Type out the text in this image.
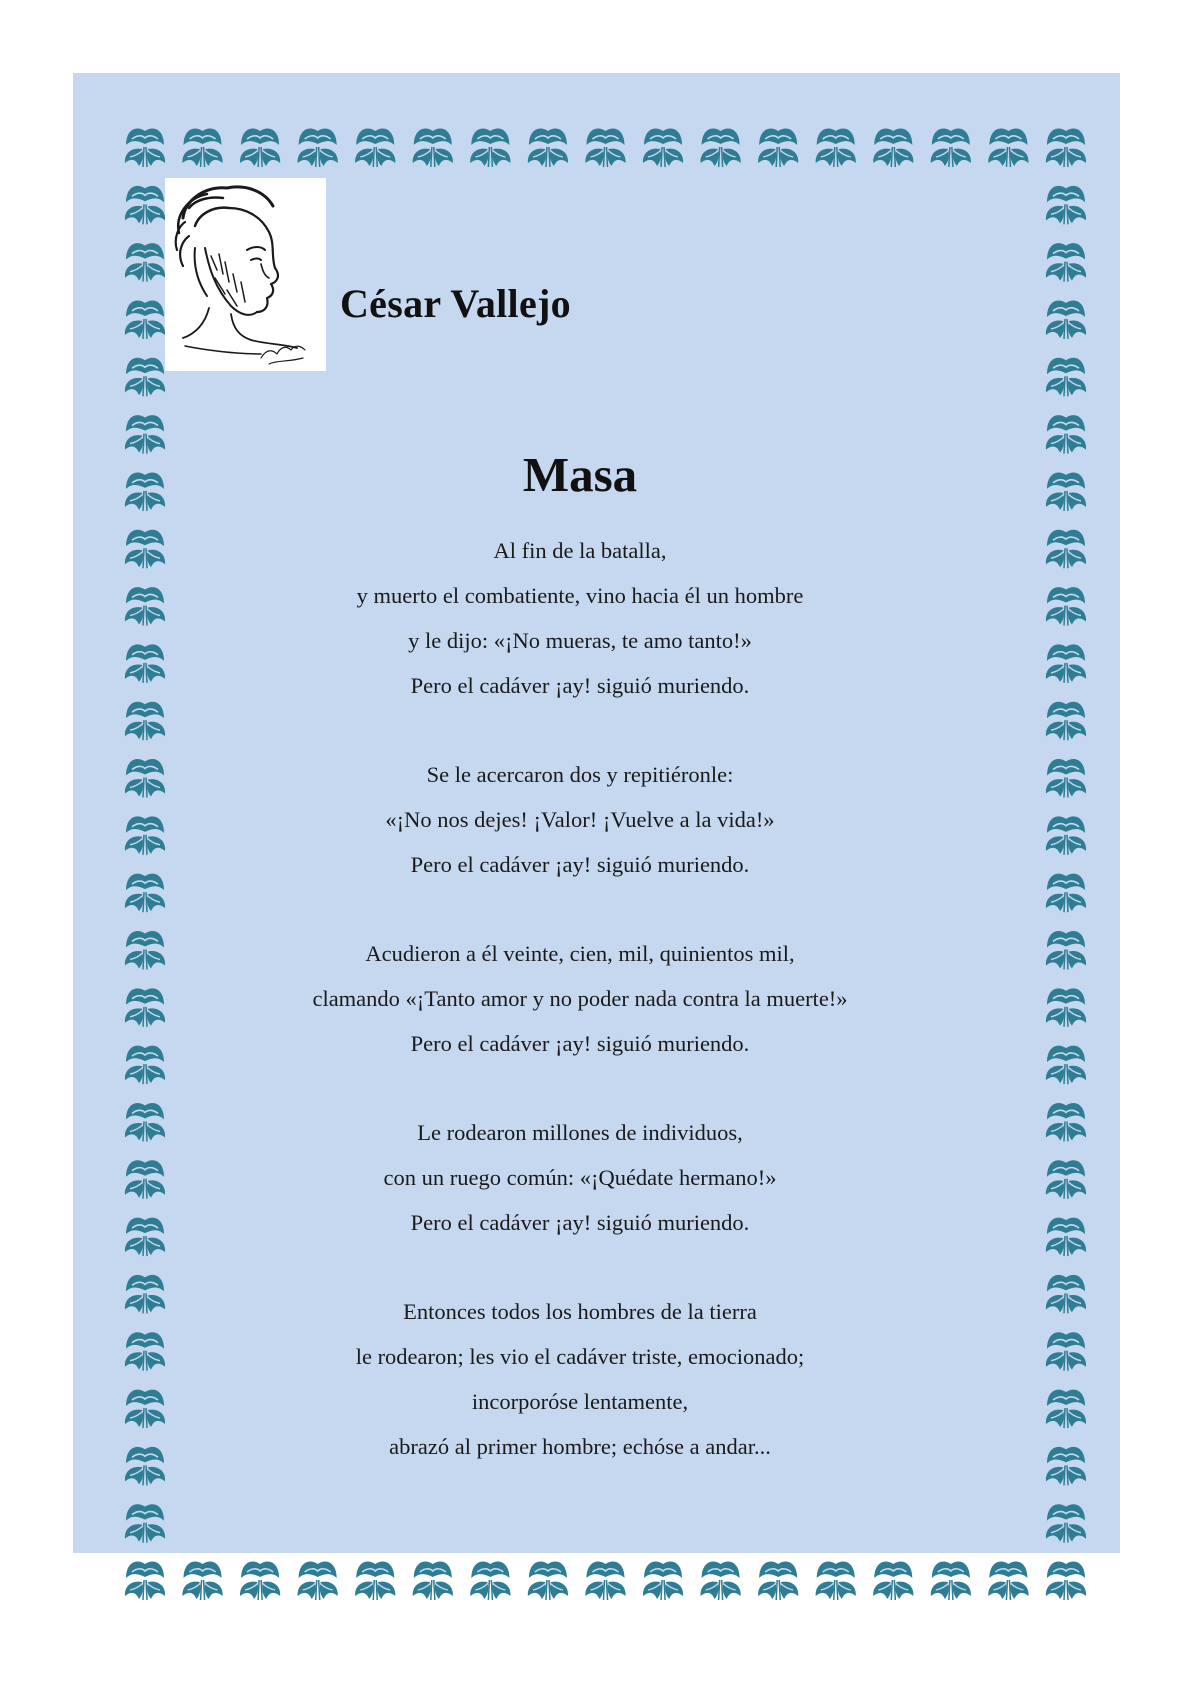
César Vallejo
Masa
Al fin de la batalla,
y muerto el combatiente, vino hacia él un hombre
y le dijo: «¡No mueras, te amo tanto!»
Pero el cadáver ¡ay! siguió muriendo.
Se le acercaron dos y repitiéronle:
«¡No nos dejes! ¡Valor! ¡Vuelve a la vida!»
Pero el cadáver ¡ay! siguió muriendo.
Acudieron a él veinte, cien, mil, quinientos mil,
clamando «¡Tanto amor y no poder nada contra la muerte!»
Pero el cadáver ¡ay! siguió muriendo.
Le rodearon millones de individuos,
con un ruego común: «¡Quédate hermano!»
Pero el cadáver ¡ay! siguió muriendo.
Entonces todos los hombres de la tierra
le rodearon; les vio el cadáver triste, emocionado;
incorporóse lentamente,
abrazó al primer hombre; echóse a andar...
